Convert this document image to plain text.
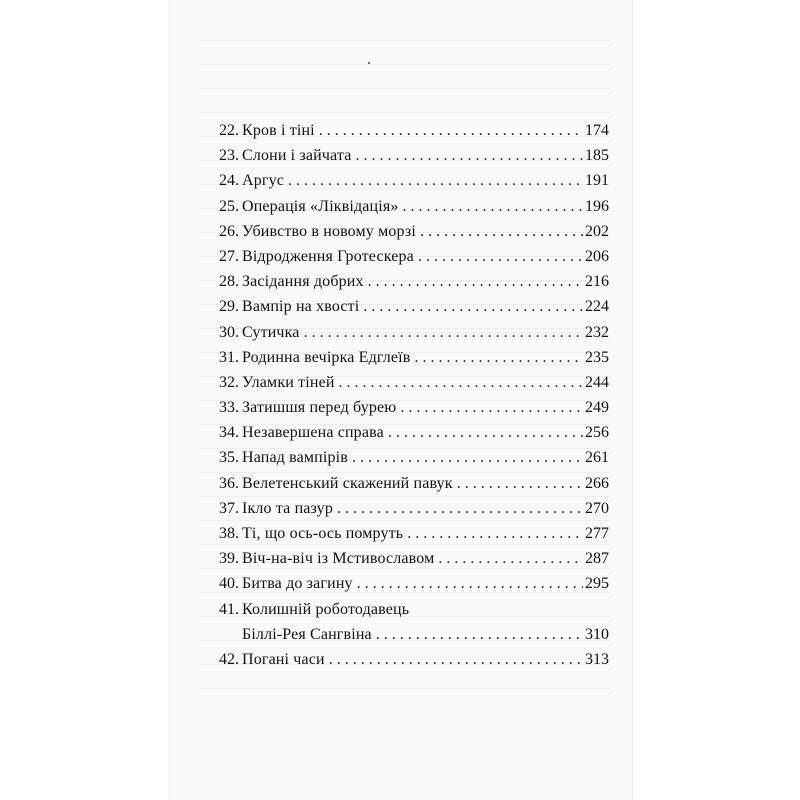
22. Кров і тіні . . .	174
23. Слони і зайчата . . .	185
24. Аргус . . .	191
25. Операція «Ліквідація» . . .	196
26. Убивство в новому морзі . . .	202
27. Відродження Гротескера . . .	206
28. Засідання добрих . . .	216
29. Вампір на хвості . . .	224
30. Сутичка . . .	232
31. Родинна вечірка Едглеїв . . .	235
32. Уламки тіней . . .	244
33. Затишшя перед бурею . . .	249
34. Незавершена справа . . .	256
35. Напад вампірів . . .	261
36. Велетенський скажений павук . . .	266
37. Ікло та пазур . . .	270
38. Ті, що ось-ось помруть . . .	277
39. Віч-на-віч із Мстивославом . . .	287
40. Битва до загину . . .	295
41. Колишній роботодавець
Біллі-Рея Сангвіна . . .	310
42. Погані часи . . .	313
